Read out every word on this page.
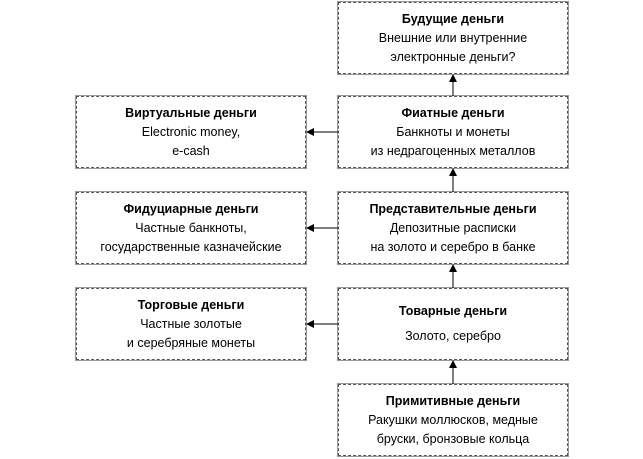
Будущие деньги
Внешние или внутренние
электронные деньги?
Фиатные деньги
Банкноты и монеты
из недрагоценных металлов
Представительные деньги
Депозитные расписки
на золото и серебро в банке
Товарные деньги
Золото, серебро
Примитивные деньги
Ракушки моллюсков, медные
бруски, бронзовые кольца
Виртуальные деньги
Electronic money,
e-cash
Фидуциарные деньги
Частные банкноты,
государственные казначейские
Торговые деньги
Частные золотые
и серебряные монеты
